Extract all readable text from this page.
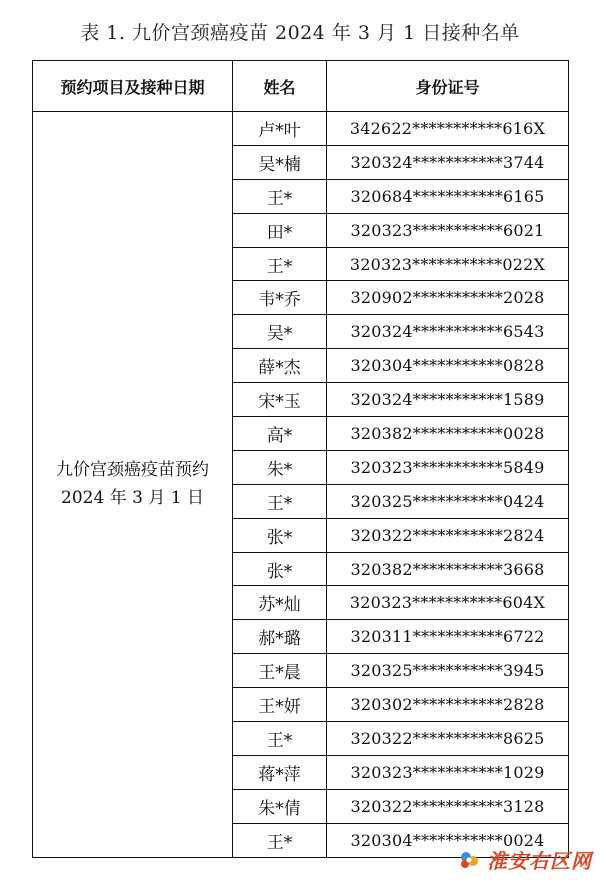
表 1. 九价宫颈癌疫苗 2024 年 3 月 1 日接种名单
预约项目及接种日期	姓名	身份证号

九价宫颈癌疫苗预约
2024 年 3 月 1 日	卢*叶	342622***********616X
	吴*楠	320324***********3744
	王*	320684***********6165
	田*	320323***********6021
	王*	320323***********022X
	韦*乔	320902***********2028
	吴*	320324***********6543
	薛*杰	320304***********0828
	宋*玉	320324***********1589
	高*	320382***********0028
	朱*	320323***********5849
	王*	320325***********0424
	张*	320322***********2824
	张*	320382***********3668
	苏*灿	320323***********604X
	郝*璐	320311***********6722
	王*晨	320325***********3945
	王*妍	320302***********2828
	王*	320322***********8625
	蒋*萍	320323***********1029
	朱*倩	320322***********3128
	王*	320304***********0024
淮安右区网
